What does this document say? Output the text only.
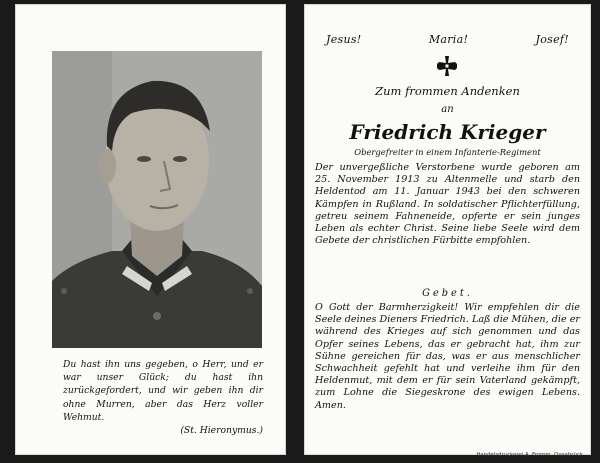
Du hast ihn uns gegeben, o Herr, und er war unser Glück; du hast ihn zurückgefordert, und wir geben ihn dir ohne Murren, aber das Herz voller Wehmut.
(St. Hieronymus.)
Jesus!	Maria!	Josef!
Zum frommen Andenken
an
Friedrich Krieger
Obergefreiter in einem Infanterie-Regiment
Der unvergeßliche Verstorbene wurde geboren am 25. November 1913 zu Altenmelle und starb den Heldentod am 11. Januar 1943 bei den schweren Kämpfen in Rußland. In soldatischer Pflichterfüllung, getreu seinem Fahneneide, opferte er sein junges Leben als echter Christ. Seine liebe Seele wird dem Gebete der christlichen Fürbitte empfohlen.
Gebet.
O Gott der Barmherzigkeit! Wir empfehlen dir die Seele deines Dieners Friedrich. Laß die Mühen, die er während des Krieges auf sich genommen und das Opfer seines Lebens, das er gebracht hat, ihm zur Sühne gereichen für das, was er aus menschlicher Schwachheit gefehlt hat und verleihe ihm für den Heldenmut, mit dem er für sein Vaterland gekämpft, zum Lohne die Siegeskrone des ewigen Lebens. Amen.
Handelsdruckerei A. Fromm, Osnabrück
